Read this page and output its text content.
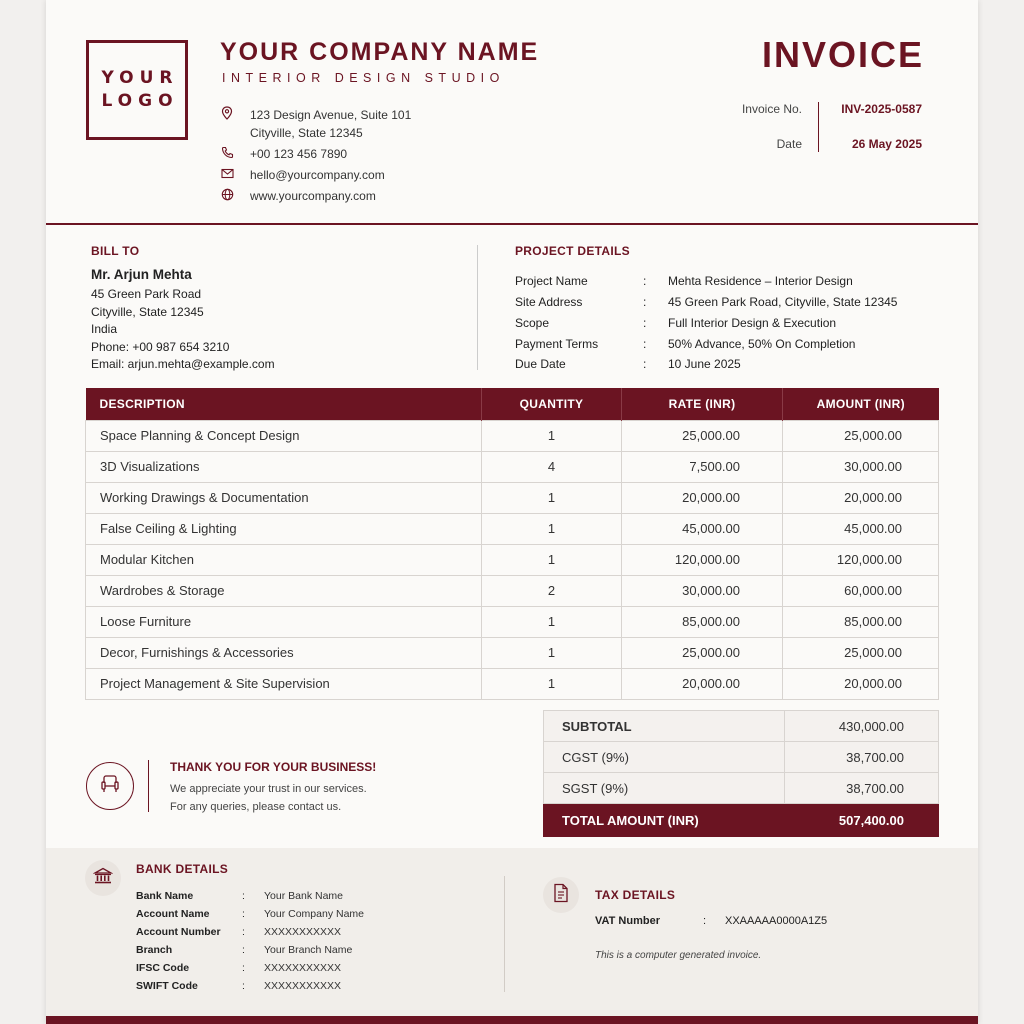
YOUR
LOGO
YOUR COMPANY NAME
INTERIOR DESIGN STUDIO
123 Design Avenue, Suite 101
Cityville, State 12345
+00 123 456 7890
hello@yourcompany.com
www.yourcompany.com
INVOICE
Invoice No.	INV-2025-0587
Date	26 May 2025
BILL TO
Mr. Arjun Mehta
45 Green Park Road
Cityville, State 12345
India
Phone: +00 987 654 3210
Email: arjun.mehta@example.com
PROJECT DETAILS
Project Name	:	Mehta Residence – Interior Design
Site Address	:	45 Green Park Road, Cityville, State 12345
Scope	:	Full Interior Design & Execution
Payment Terms	:	50% Advance, 50% On Completion
Due Date	:	10 June 2025
DESCRIPTION	QUANTITY	RATE (INR)	AMOUNT (INR)
Space Planning & Concept Design	1	25,000.00	25,000.00
3D Visualizations	4	7,500.00	30,000.00
Working Drawings & Documentation	1	20,000.00	20,000.00
False Ceiling & Lighting	1	45,000.00	45,000.00
Modular Kitchen	1	120,000.00	120,000.00
Wardrobes & Storage	2	30,000.00	60,000.00
Loose Furniture	1	85,000.00	85,000.00
Decor, Furnishings & Accessories	1	25,000.00	25,000.00
Project Management & Site Supervision	1	20,000.00	20,000.00
SUBTOTAL	430,000.00
CGST (9%)	38,700.00
SGST (9%)	38,700.00
TOTAL AMOUNT (INR)	507,400.00
THANK YOU FOR YOUR BUSINESS!
We appreciate your trust in our services.
For any queries, please contact us.
BANK DETAILS
Bank Name	:	Your Bank Name
Account Name	:	Your Company Name
Account Number	:	XXXXXXXXXXX
Branch	:	Your Branch Name
IFSC Code	:	XXXXXXXXXXX
SWIFT Code	:	XXXXXXXXXXX
TAX DETAILS
VAT Number	:	XXAAAAA0000A1Z5
This is a computer generated invoice.
